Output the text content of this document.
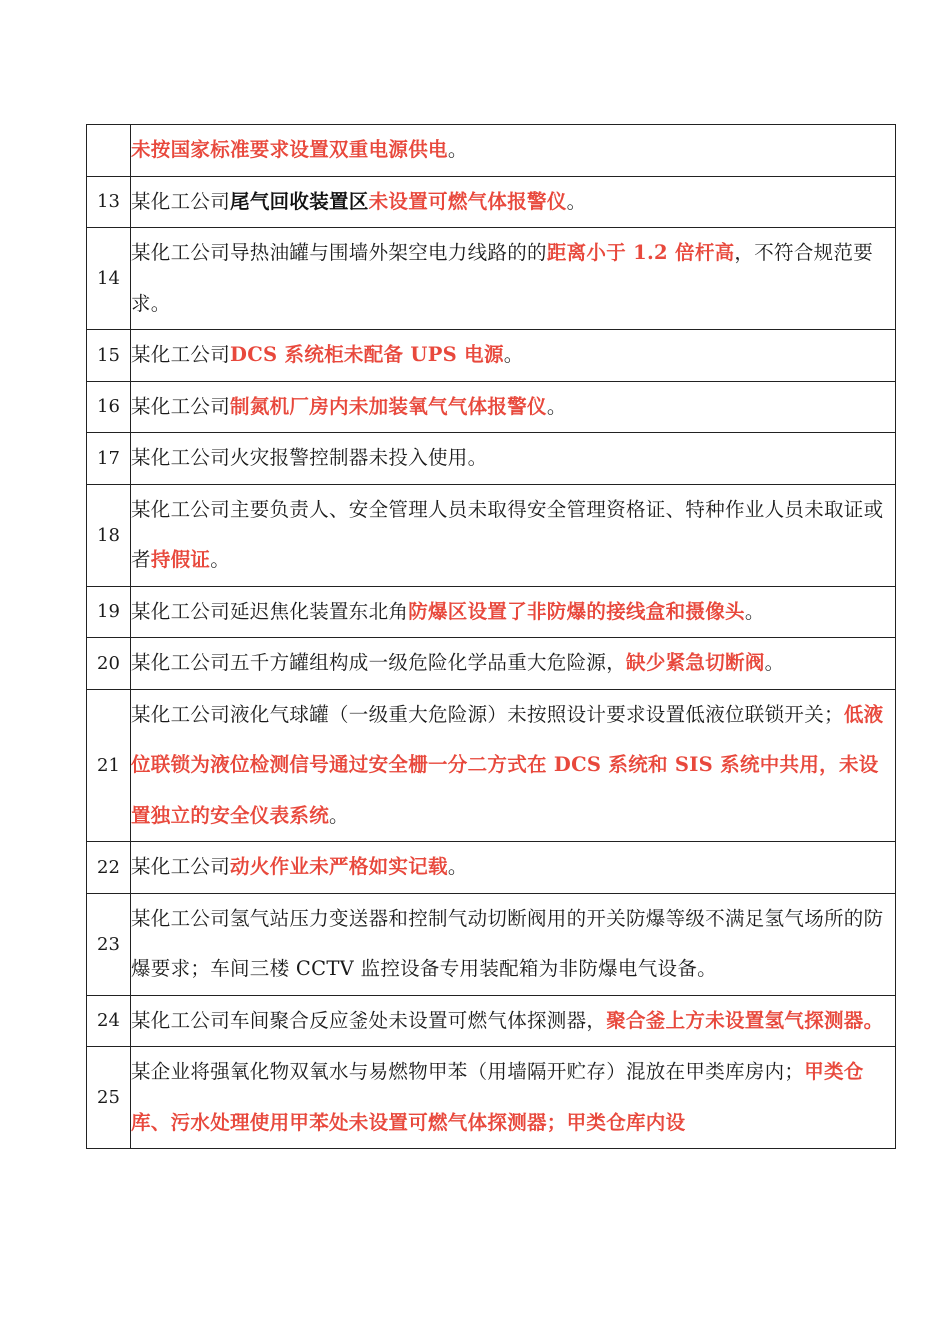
	未按国家标准要求设置双重电源供电。
13	某化工公司尾气回收装置区未设置可燃气体报警仪。
14	某化工公司导热油罐与围墙外架空电力线路的的距离小于 1.2 倍杆高，不符合规范要求。
15	某化工公司DCS 系统柜未配备 UPS 电源。
16	某化工公司制氮机厂房内未加装氧气气体报警仪。
17	某化工公司火灾报警控制器未投入使用。
18	某化工公司主要负责人、安全管理人员未取得安全管理资格证、特种作业人员未取证或者持假证。
19	某化工公司延迟焦化装置东北角防爆区设置了非防爆的接线盒和摄像头。
20	某化工公司五千方罐组构成一级危险化学品重大危险源，缺少紧急切断阀。
21	某化工公司液化气球罐（一级重大危险源）未按照设计要求设置低液位联锁开关；低液位联锁为液位检测信号通过安全栅一分二方式在 DCS 系统和 SIS 系统中共用，未设置独立的安全仪表系统。
22	某化工公司动火作业未严格如实记载。
23	某化工公司氢气站压力变送器和控制气动切断阀用的开关防爆等级不满足氢气场所的防爆要求；车间三楼 CCTV 监控设备专用装配箱为非防爆电气设备。
24	某化工公司车间聚合反应釜处未设置可燃气体探测器，聚合釜上方未设置氢气探测器。
25	某企业将强氧化物双氧水与易燃物甲苯（用墙隔开贮存）混放在甲类库房内；甲类仓库、污水处理使用甲苯处未设置可燃气体探测器；甲类仓库内设
